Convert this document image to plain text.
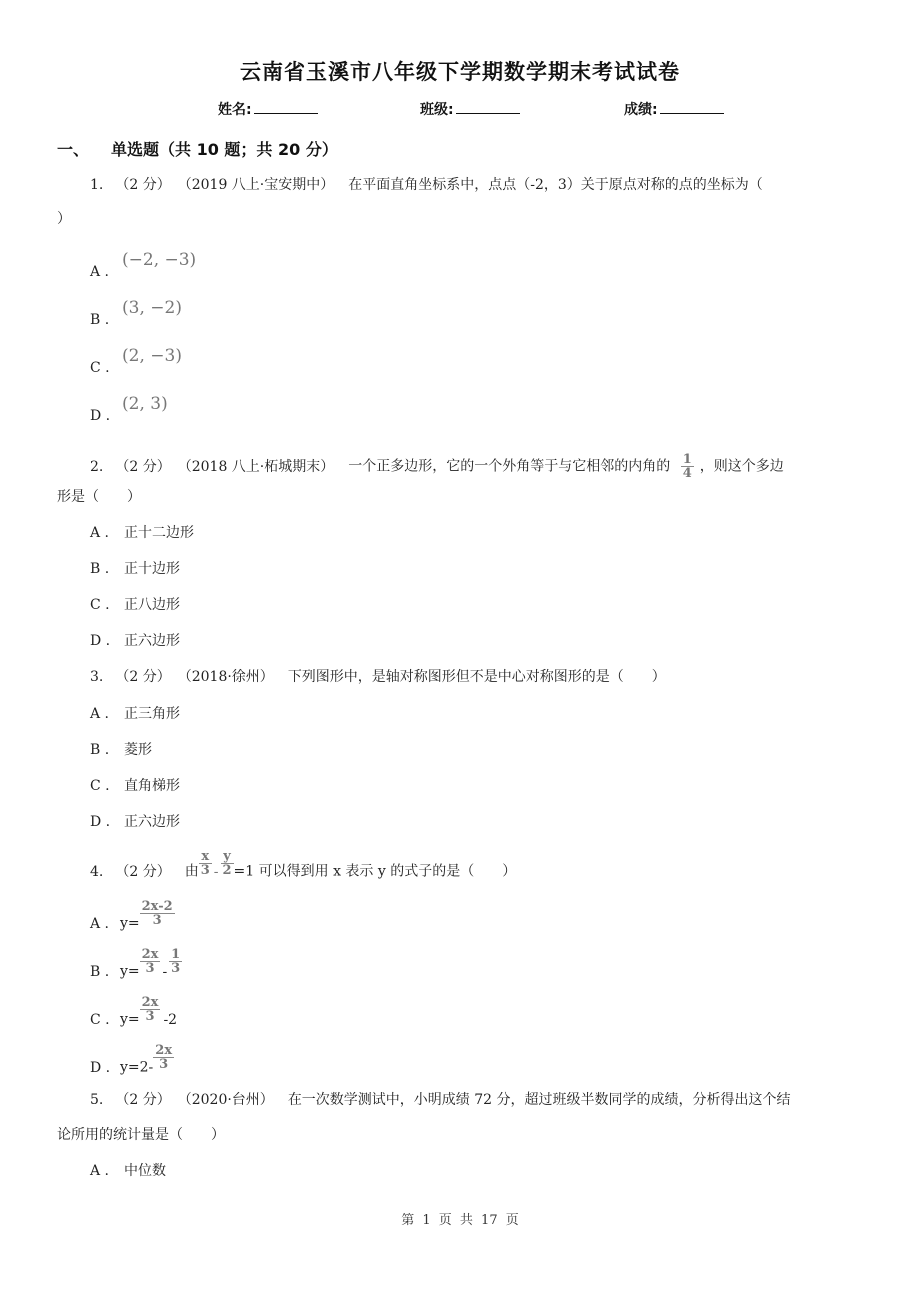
云南省玉溪市八年级下学期数学期末考试试卷
姓名:	班级:	成绩:
一、 单选题（共 10 题；共 20 分）
1. （2 分） （2019 八上·宝安期中） 在平面直角坐标系中，点点（-2，3）关于原点对称的点的坐标为（
）
A .
(−2, −3)
B .
(3, −2)
C .
(2, −3)
D .
(2, 3)
2. （2 分） （2018 八上·柘城期末） 一个正多边形，它的一个外角等于与它相邻的内角的 $\frac{1}{4}$ ，则这个多边
形是（　　）
A . 正十二边形
B . 正十边形
C . 正八边形
D . 正六边形
3. （2 分） （2018·徐州） 下列图形中，是轴对称图形但不是中心对称图形的是（　　）
A . 正三角形
B . 菱形
C . 直角梯形
D . 正六边形
4. （2 分） 由 $\frac{x}{3} - \frac{y}{2} =1$ 可以得到用 x 表示 y 的式子的是（　　）
A . $y= \frac{2x-2}{3}$
B . $y= \frac{2x}{3} - \frac{1}{3}$
C . $y= \frac{2x}{3} -2$
D . $y=2- \frac{2x}{3}$
5. （2 分） （2020·台州） 在一次数学测试中，小明成绩 72 分，超过班级半数同学的成绩，分析得出这个结
论所用的统计量是（　　）
A . 中位数
第 1 页 共 17 页
